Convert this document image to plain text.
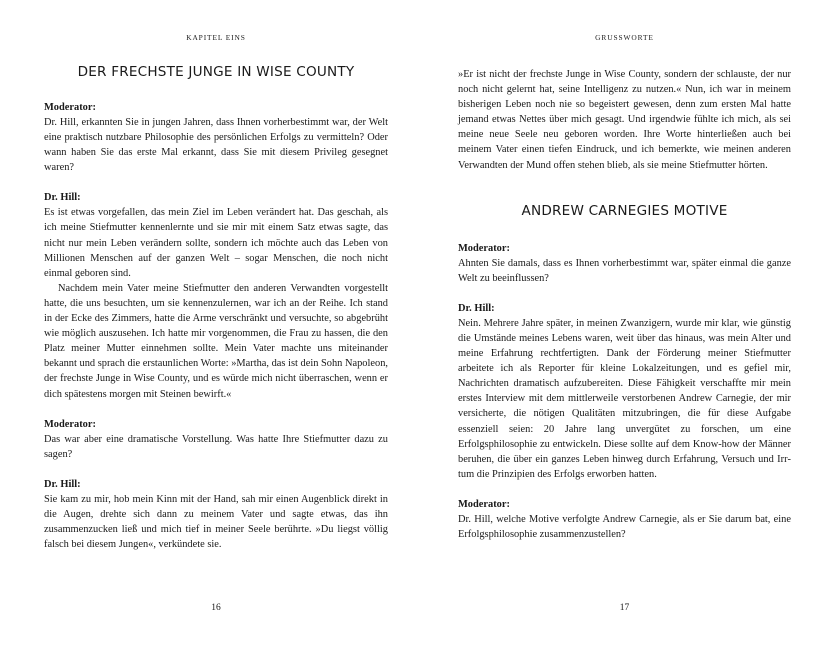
KAPITEL EINS
DER FRECHSTE JUNGE IN WISE COUNTY
Moderator:

Dr. Hill, erkannten Sie in jungen Jahren, dass Ihnen vorherbestimmt war, der Welt eine praktisch nutzbare Philosophie des persönlichen Erfolgs zu vermitteln? Oder wann haben Sie das erste Mal erkannt, dass Sie mit diesem Privileg gesegnet waren?

Dr. Hill:

Es ist etwas vorgefallen, das mein Ziel im Leben verändert hat. Das geschah, als ich meine Stiefmutter kennenlernte und sie mir mit einem Satz etwas sagte, das nicht nur mein Leben verändern sollte, sondern ich möchte auch das Leben von Millionen Menschen auf der ganzen Welt – sogar Menschen, die noch nicht einmal geboren sind.

Nachdem mein Vater meine Stiefmutter den anderen Verwandten vorgestellt hatte, die uns besuchten, um sie kennenzulernen, war ich an der Reihe. Ich stand in der Ecke des Zimmers, hatte die Arme verschränkt und versuchte, so abgebrüht wie möglich auszusehen. Ich hatte mir vorgenommen, die Frau zu hassen, die den Platz meiner Mutter einnehmen sollte. Mein Vater machte uns miteinander bekannt und sprach die erstaunlichen Worte: »Martha, das ist dein Sohn Napoleon, der frechste Junge in Wise County, und es würde mich nicht überraschen, wenn er dich spätestens morgen mit Steinen bewirft.«

Moderator:

Das war aber eine dramatische Vorstellung. Was hatte Ihre Stiefmutter dazu zu sagen?

Dr. Hill:

Sie kam zu mir, hob mein Kinn mit der Hand, sah mir einen Augenblick direkt in die Augen, drehte sich dann zu meinem Vater und sagte etwas, das ihn zusammenzucken ließ und mich tief in meiner Seele berührte. »Du liegst völlig falsch bei diesem Jungen«, verkündete sie.

16
GRUSSWORTE

»Er ist nicht der frechste Junge in Wise County, sondern der schlauste, der nur noch nicht gelernt hat, seine Intelligenz zu nutzen.« Nun, ich war in meinem bisherigen Leben noch nie so begeistert gewesen, denn zum ersten Mal hatte jemand etwas Nettes über mich gesagt. Und irgendwie fühlte ich mich, als sei meine neue Seele neu geboren worden. Ihre Worte hinterließen auch bei meinem Vater einen tiefen Eindruck, und ich bemerkte, wie meinen anderen Verwandten der Mund offen stehen blieb, als sie meine Stiefmutter hörten.

ANDREW CARNEGIES MOTIVE
Moderator:

Ahnten Sie damals, dass es Ihnen vorherbestimmt war, später einmal die ganze Welt zu beeinflussen?

Dr. Hill:

Nein. Mehrere Jahre später, in meinen Zwanzigern, wurde mir klar, wie günstig die Umstände meines Lebens waren, weit über das hinaus, was mein Alter und meine Erfahrung rechtfertigten. Dank der Förderung meiner Stiefmutter arbeitete ich als Reporter für kleine Lokalzeitungen, und es gefiel mir, Nachrichten dramatisch aufzubereiten. Diese Fähigkeit verschaffte mir mein erstes Interview mit dem mittlerweile verstorbenen Andrew Carnegie, der mir versicherte, die nötigen Qualitäten mitzubringen, die für diese Aufgabe essenziell seien: 20 Jahre lang unvergütet zu forschen, um eine Erfolgsphilosophie zu entwickeln. Diese sollte auf dem Know-how der Männer beruhen, die über ein ganzes Leben hinweg durch Erfahrung, Versuch und Irrtum die Prinzipien des Erfolgs erworben hatten.

Moderator:

Dr. Hill, welche Motive verfolgte Andrew Carnegie, als er Sie darum bat, eine Erfolgsphilosophie zusammenzustellen?

17
